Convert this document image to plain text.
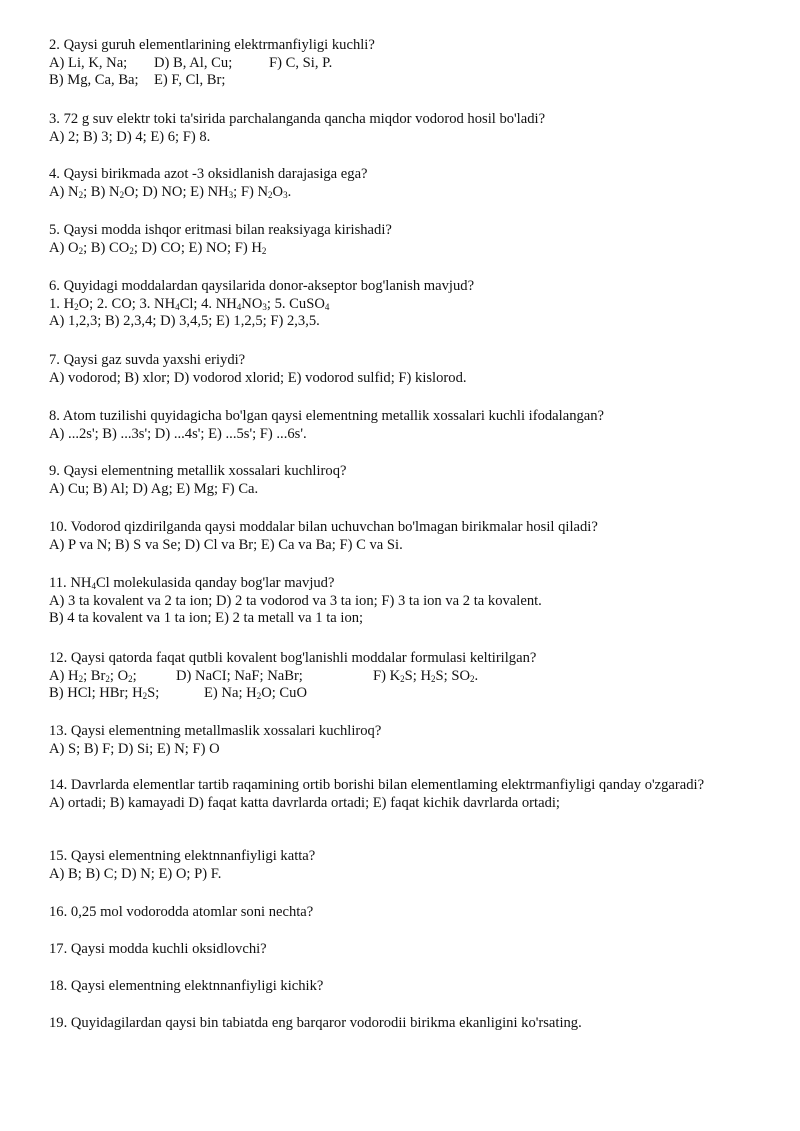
2. Qaysi guruh elementlarining elektrmanfiyligi kuchli?
A) Li, K, Na; D) B, Al, Cu;	F) C, Si, P.
B) Mg, Ca, Ba; E) F, Cl, Br;
3. 72 g suv elektr toki ta'sirida parchalanganda qancha miqdor vodorod hosil bo'ladi?
A) 2; B) 3; D) 4; E) 6; F) 8.
4. Qaysi birikmada azot -3 oksidlanish darajasiga ega?
A) $N_2$; B) $N_2O$; D) NO; E) $NH_3$; F) $N_2O_3$.
5. Qaysi modda ishqor eritmasi bilan reaksiyaga kirishadi?
A) $O_2$; B) $CO_2$; D) CO; E) NO; F) $H_2$
6. Quyidagi moddalardan qaysilarida donor-akseptor bog'lanish mavjud?
1. $H_2O$; 2. CO; 3. $NH_4Cl$; 4. $NH_4NO_3$; 5. CuSO$_4$
A) 1,2,3; B) 2,3,4; D) 3,4,5; E) 1,2,5; F) 2,3,5.
7. Qaysi gaz suvda yaxshi eriydi?
A) vodorod; B) xlor; D) vodorod xlorid; E) vodorod sulfid; F) kislorod.
8. Atom tuzilishi quyidagicha bo'lgan qaysi elementning metallik xossalari kuchli ifodalangan?
A) ...2s'; B) ...3s'; D) ...4s'; E) ...5s'; F) ...6s'.
9. Qaysi elementning metallik xossalari kuchliroq?
A) Cu; B) Al; D) Ag; E) Mg; F) Ca.
10. Vodorod qizdirilganda qaysi moddalar bilan uchuvchan bo'lmagan birikmalar hosil qiladi?
A) P va N; B) S va Se; D) Cl va Br; E) Ca va Ba; F) C va Si.
11. $NH_4Cl$ molekulasida qanday bog'lar mavjud?
A) 3 ta kovalent va 2 ta ion; D) 2 ta vodorod va 3 ta ion; F) 3 ta ion va 2 ta kovalent.
B) 4 ta kovalent va 1 ta ion; E) 2 ta metall va 1 ta ion;
12. Qaysi qatorda faqat qutbli kovalent bog'lanishli moddalar formulasi keltirilgan?
A) $H_2$; $Br_2$; $O_2$;	D) NaCI; NaF; NaBr;	F) $K_2S$; $H_2S$; $SO_2$.
B) HCl; HBr; $H_2S$;	E) Na; $H_2O$; CuO
13. Qaysi elementning metallmaslik xossalari kuchliroq?
A) S; B) F; D) Si; E) N; F) O
14. Davrlarda elementlar tartib raqamining ortib borishi bilan elementlaming elektrmanfiyligi qanday o'zgaradi?
A) ortadi; B) kamayadi D) faqat katta davrlarda ortadi; E) faqat kichik davrlarda ortadi;
15. Qaysi elementning elektnnanfiyligi katta?
A) B; B) C; D) N; E) O; P) F.
16. 0,25 mol vodorodda atomlar soni nechta?
17. Qaysi modda kuchli oksidlovchi?
18. Qaysi elementning elektnnanfiyligi kichik?
19. Quyidagilardan qaysi bin tabiatda eng barqaror vodorodii birikma ekanligini ko'rsating.
